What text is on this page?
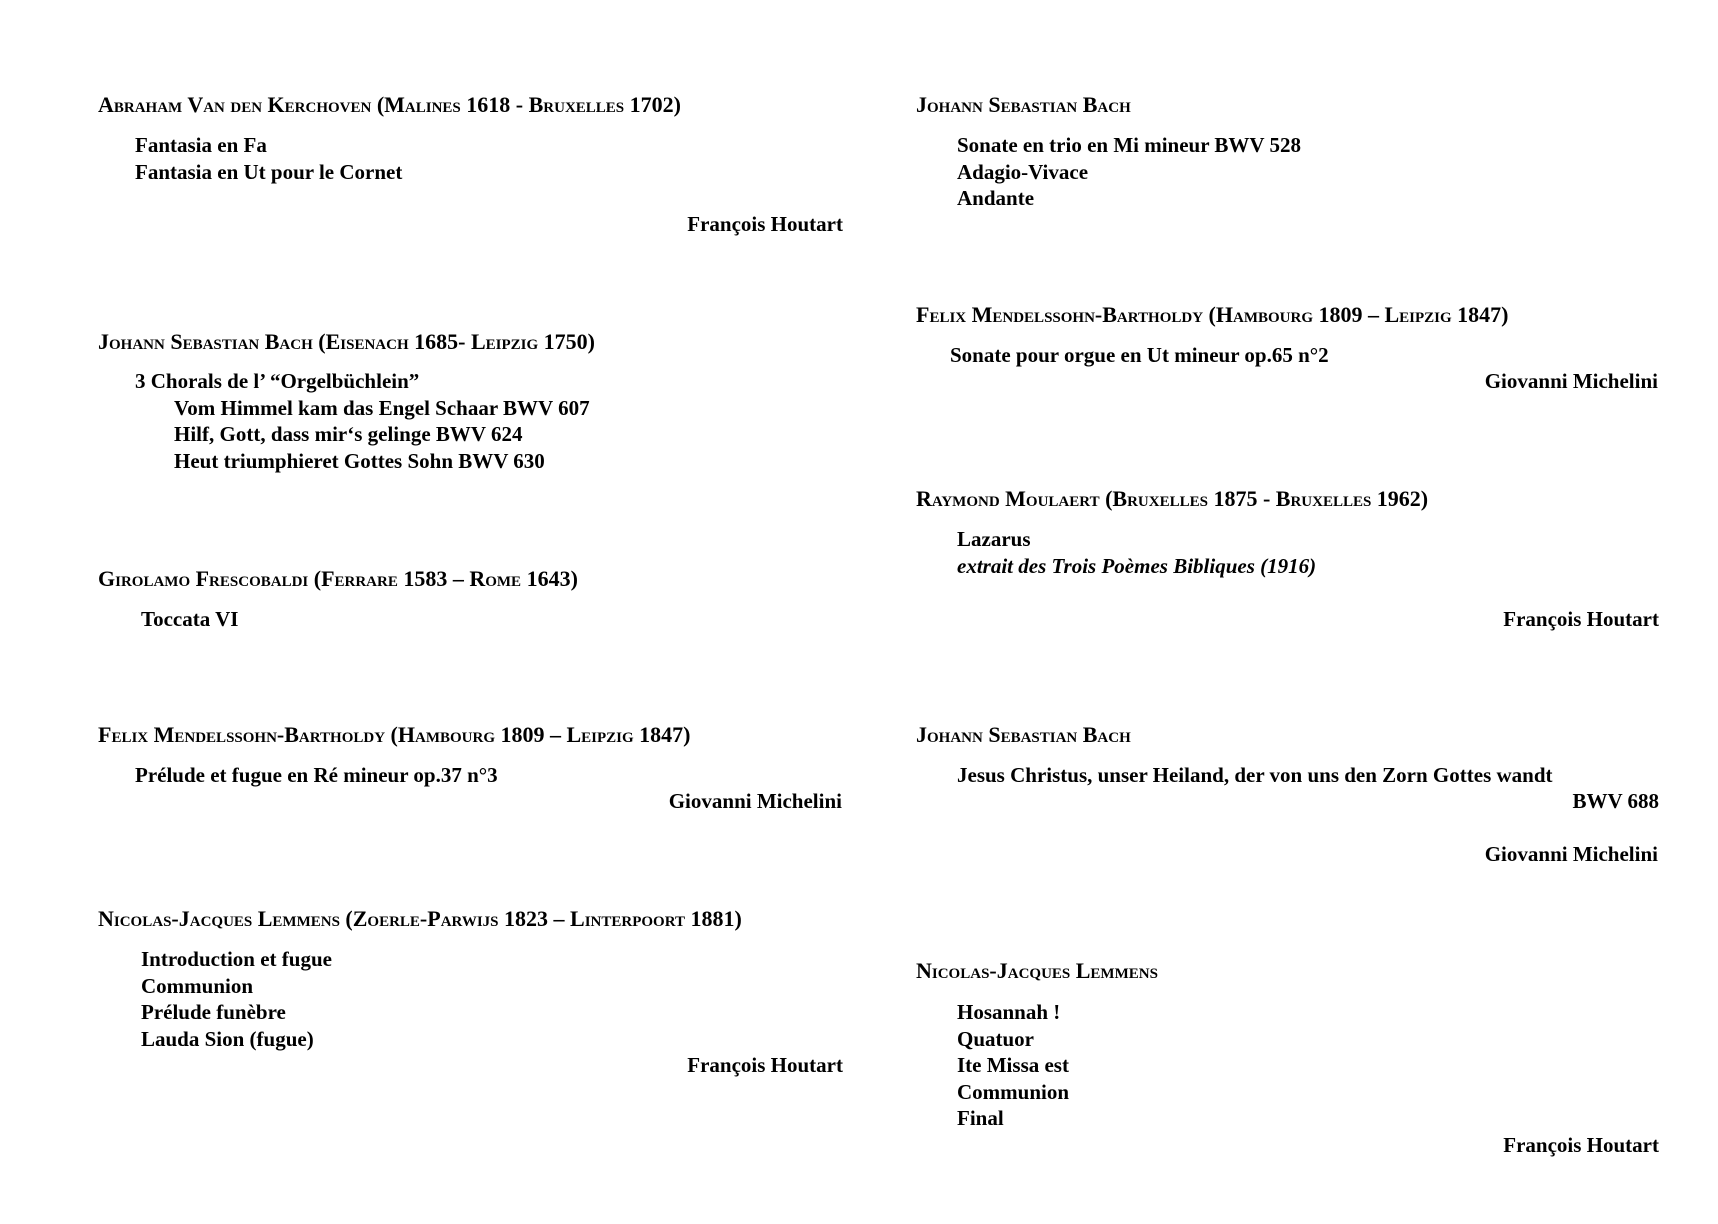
Abraham Van den Kerchoven (Malines 1618 - Bruxelles 1702)
Fantasia en Fa
Fantasia en Ut pour le Cornet
François Houtart
Johann Sebastian Bach (Eisenach 1685- Leipzig 1750)
3 Chorals de l’ “Orgelbüchlein”
Vom Himmel kam das Engel Schaar BWV 607
Hilf, Gott, dass mir‘s gelinge BWV 624
Heut triumphieret Gottes Sohn BWV 630
Girolamo Frescobaldi (Ferrare 1583 – Rome 1643)
Toccata VI
Felix Mendelssohn-Bartholdy (Hambourg 1809 – Leipzig 1847)
Prélude et fugue en Ré mineur op.37 n°3
Giovanni Michelini
Nicolas-Jacques Lemmens (Zoerle-Parwijs 1823 – Linterpoort 1881)
Introduction et fugue
Communion
Prélude funèbre
Lauda Sion (fugue)
François Houtart
Johann Sebastian Bach
Sonate en trio en Mi mineur BWV 528
Adagio-Vivace
Andante
Felix Mendelssohn-Bartholdy (Hambourg 1809 – Leipzig 1847)
Sonate pour orgue en Ut mineur op.65 n°2
Giovanni Michelini
Raymond Moulaert (Bruxelles 1875 - Bruxelles 1962)
Lazarus
extrait des Trois Poèmes Bibliques (1916)
François Houtart
Johann Sebastian Bach
Jesus Christus, unser Heiland, der von uns den Zorn Gottes wandt
BWV 688
Giovanni Michelini
Nicolas-Jacques Lemmens
Hosannah !
Quatuor
Ite Missa est
Communion
Final
François Houtart
